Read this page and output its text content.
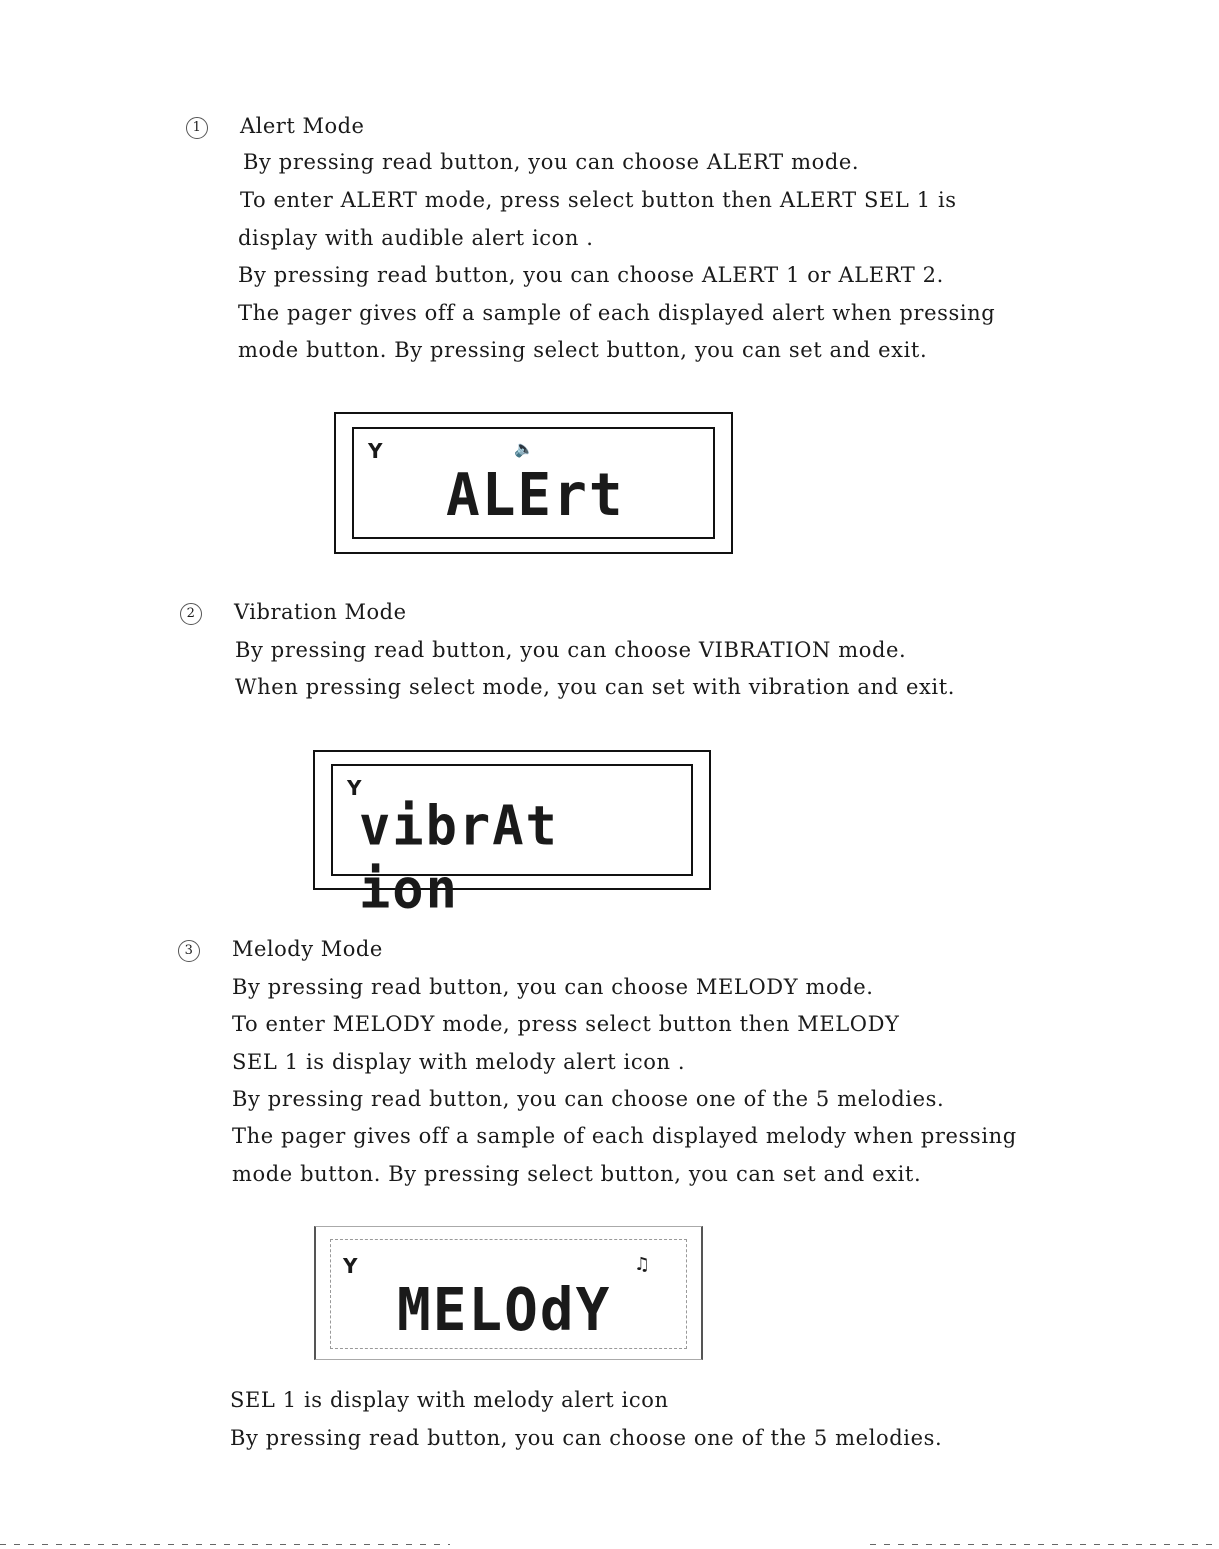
1 Alert Mode
By pressing read button, you can choose ALERT mode.
To enter ALERT mode, press select button then ALERT SEL 1 is
display with audible alert icon .
By pressing read button, you can choose ALERT 1 or ALERT 2.
The pager gives off a sample of each displayed alert when pressing
mode button. By pressing select button, you can set and exit.
Y	🔈
ALErt
2 Vibration Mode
By pressing read button, you can choose VIBRATION mode.
When pressing select mode, you can set with vibration and exit.
Y
vibrAt ion
3 Melody Mode
By pressing read button, you can choose MELODY mode.
To enter MELODY mode, press select button then MELODY
SEL 1 is display with melody alert icon .
By pressing read button, you can choose one of the 5 melodies.
The pager gives off a sample of each displayed melody when pressing
mode button. By pressing select button, you can set and exit.
Y	♫
MELOdY
SEL 1 is display with melody alert icon
By pressing read button, you can choose one of the 5 melodies.
